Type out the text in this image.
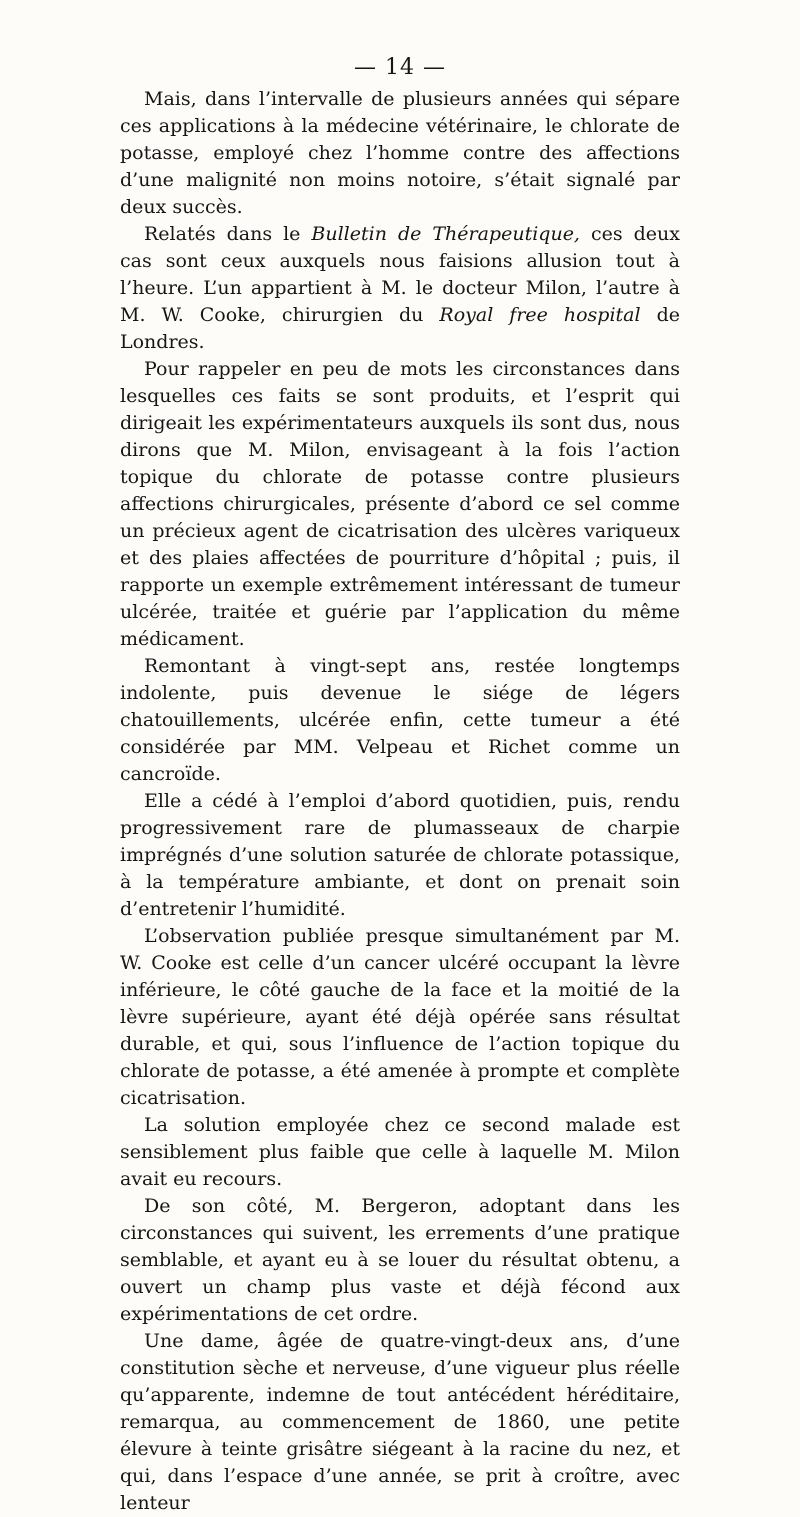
— 14 —

Mais, dans l’intervalle de plusieurs années qui sépare ces applications à la médecine vétérinaire, le chlorate de potasse, employé chez l’homme contre des affections d’une malignité non moins notoire, s’était signalé par deux succès.

Relatés dans le Bulletin de Thérapeutique, ces deux cas sont ceux auxquels nous faisions allusion tout à l’heure. L’un appartient à M. le docteur Milon, l’autre à M. W. Cooke, chirurgien du Royal free hospital de Londres.

Pour rappeler en peu de mots les circonstances dans lesquelles ces faits se sont produits, et l’esprit qui dirigeait les expérimentateurs auxquels ils sont dus, nous dirons que M. Milon, envisageant à la fois l’action topique du chlorate de potasse contre plusieurs affections chirurgicales, présente d’abord ce sel comme un précieux agent de cicatrisation des ulcères variqueux et des plaies affectées de pourriture d’hôpital ; puis, il rapporte un exemple extrêmement intéressant de tumeur ulcérée, traitée et guérie par l’application du même médicament.

Remontant à vingt-sept ans, restée longtemps indolente, puis devenue le siége de légers chatouillements, ulcérée enfin, cette tumeur a été considérée par MM. Velpeau et Richet comme un cancroïde.

Elle a cédé à l’emploi d’abord quotidien, puis, rendu progressivement rare de plumasseaux de charpie imprégnés d’une solution saturée de chlorate potassique, à la température ambiante, et dont on prenait soin d’entretenir l’humidité.

L’observation publiée presque simultanément par M. W. Cooke est celle d’un cancer ulcéré occupant la lèvre inférieure, le côté gauche de la face et la moitié de la lèvre supérieure, ayant été déjà opérée sans résultat durable, et qui, sous l’influence de l’action topique du chlorate de potasse, a été amenée à prompte et complète cicatrisation.

La solution employée chez ce second malade est sensiblement plus faible que celle à laquelle M. Milon avait eu recours.

De son côté, M. Bergeron, adoptant dans les circonstances qui suivent, les errements d’une pratique semblable, et ayant eu à se louer du résultat obtenu, a ouvert un champ plus vaste et déjà fécond aux expérimentations de cet ordre.

Une dame, âgée de quatre-vingt-deux ans, d’une constitution sèche et nerveuse, d’une vigueur plus réelle qu’apparente, indemne de tout antécédent héréditaire, remarqua, au commencement de 1860, une petite élevure à teinte grisâtre siégeant à la racine du nez, et qui, dans l’espace d’une année, se prit à croître, avec lenteur
